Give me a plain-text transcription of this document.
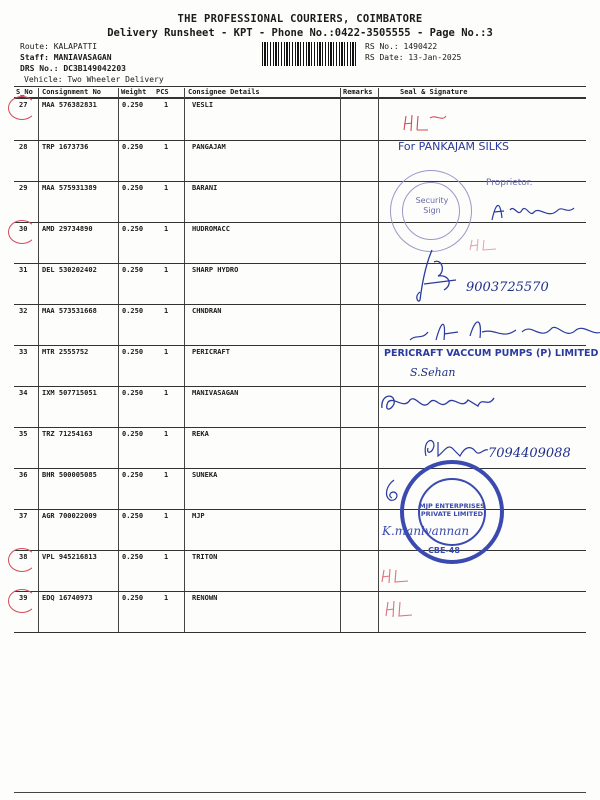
THE PROFESSIONAL COURIERS, COIMBATORE
Delivery Runsheet - KPT - Phone No.:0422-3505555 - Page No.:3
Route: KALAPATTI
Staff: MANIAVASAGAN
DRS No.: DC3B149042203
Vehicle: Two Wheeler Delivery
RS No.: 1490422
RS Date: 13-Jan-2025
S_No Consignment No	Weight PCS	Consignee Details	Remarks	Seal & Signature
27 MAA 576382831	0.250	1	VESLI
28 TRP 1673736	0.250	1	PANGAJAM
29 MAA 575931389	0.250	1	BARANI
30 AMD 29734890	0.250	1	HUDROMACC
31 DEL 530202402	0.250	1	SHARP HYDRO
32 MAA 573531668	0.250	1	CHNDRAN
33 MTR 2555752	0.250	1	PERICRAFT
34 IXM 507715051	0.250	1	MANIVASAGAN
35 TRZ 71254163	0.250	1	REKA
36 BHR 500005085	0.250	1	SUNEKA
37 AGR 700022009	0.250	1	MJP
38 VPL 945216813	0.250	1	TRITON
39 EDQ 16740973	0.250	1	RENOWN
For PANKAJAM SILKS
Proprietor.
Security Sign
9003725570
PERICRAFT VACCUM PUMPS (P) LIMITED
S.Sehan
7094409088
MJP ENTERPRISES PRIVATE LIMITED
CBE-48
K.manivannan
